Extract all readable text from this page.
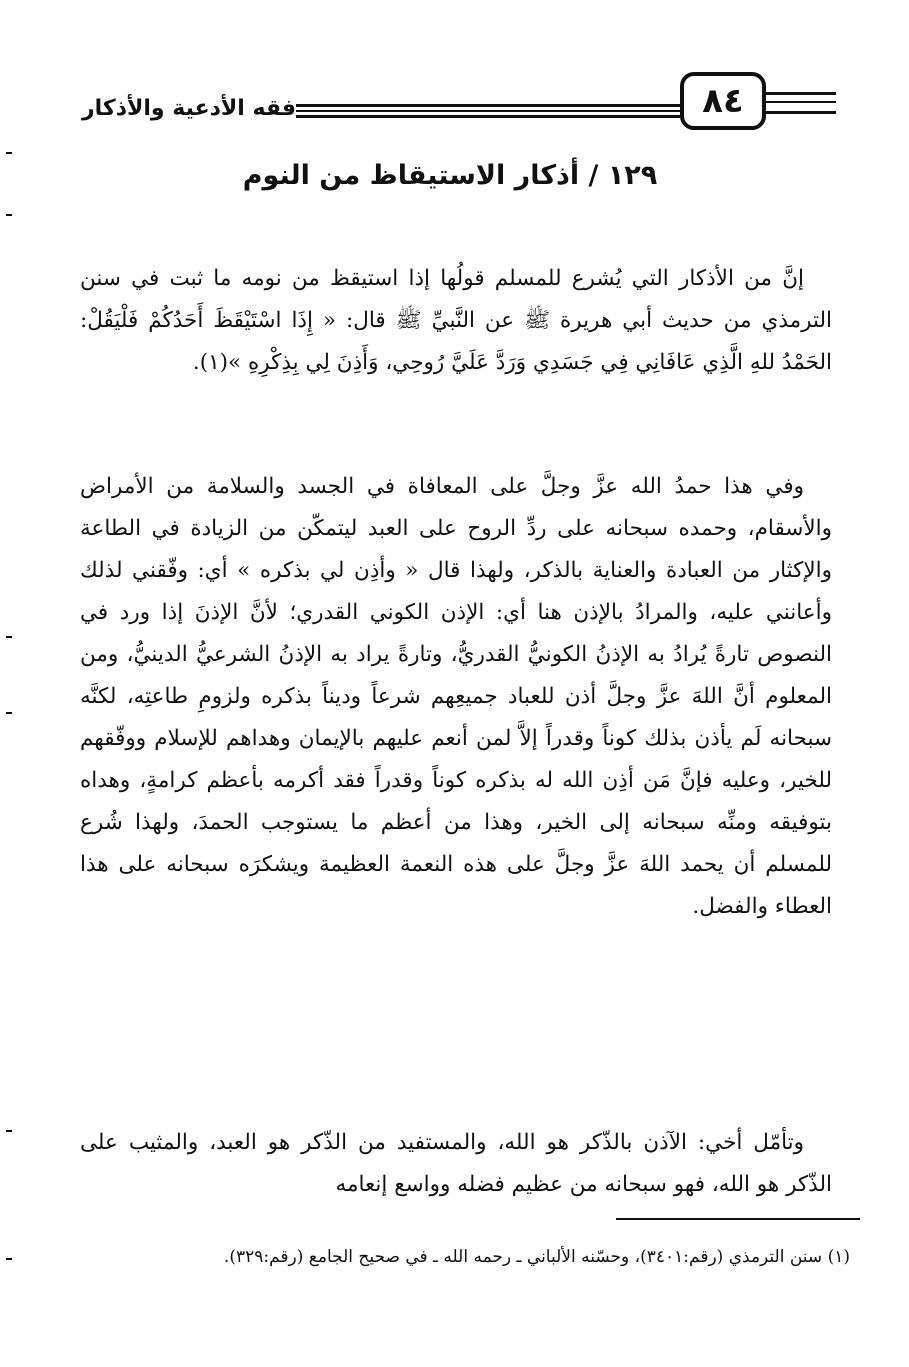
فقه الأدعية والأذكار	٨٤
١٢٩ / أذكار الاستيقاظ من النوم

إنَّ من الأذكار التي يُشرع للمسلم قولُها إذا استيقظ من نومه ما ثبت في سنن الترمذي من حديث أبي هريرة ﷺ عن النَّبيِّ ﷺ قال: « إِذَا اسْتَيْقَظَ أَحَدُكُمْ فَلْيَقُلْ: الحَمْدُ للهِ الَّذِي عَافَانِي فِي جَسَدِي وَرَدَّ عَلَيَّ رُوحِي، وَأَذِنَ لِي بِذِكْرِهِ »(١).

وفي هذا حمدُ الله عزَّ وجلَّ على المعافاة في الجسد والسلامة من الأمراض والأسقام، وحمده سبحانه على ردِّ الروح على العبد ليتمكّن من الزيادة في الطاعة والإكثار من العبادة والعناية بالذكر، ولهذا قال « وأذِن لي بذكره » أي: وفّقني لذلك وأعانني عليه، والمرادُ بالإذن هنا أي: الإذن الكوني القدري؛ لأنَّ الإذنَ إذا ورد في النصوص تارةً يُرادُ به الإذنُ الكونيُّ القدريُّ، وتارةً يراد به الإذنُ الشرعيُّ الدينيُّ، ومن المعلوم أنَّ اللهَ عزَّ وجلَّ أذن للعباد جميعِهم شرعاً وديناً بذكره ولزومِ طاعتِه، لكنَّه سبحانه لَم يأذن بذلك كوناً وقدراً إلاَّ لمن أنعم عليهم بالإيمان وهداهم للإسلام ووفّقهم للخير، وعليه فإنَّ مَن أذِن الله له بذكره كوناً وقدراً فقد أكرمه بأعظم كرامةٍ، وهداه بتوفيقه ومنِّه سبحانه إلى الخير، وهذا من أعظم ما يستوجب الحمدَ، ولهذا شُرع للمسلم أن يحمد اللهَ عزَّ وجلَّ على هذه النعمة العظيمة ويشكرَه سبحانه على هذا العطاء والفضل.

وتأمّل أخي: الآذن بالذّكر هو الله، والمستفيد من الذّكر هو العبد، والمثيب على الذّكر هو الله، فهو سبحانه من عظيم فضله وواسع إنعامه

(١) سنن الترمذي (رقم:٣٤٠١)، وحسّنه الألباني ـ رحمه الله ـ في صحيح الجامع (رقم:٣٢٩).
